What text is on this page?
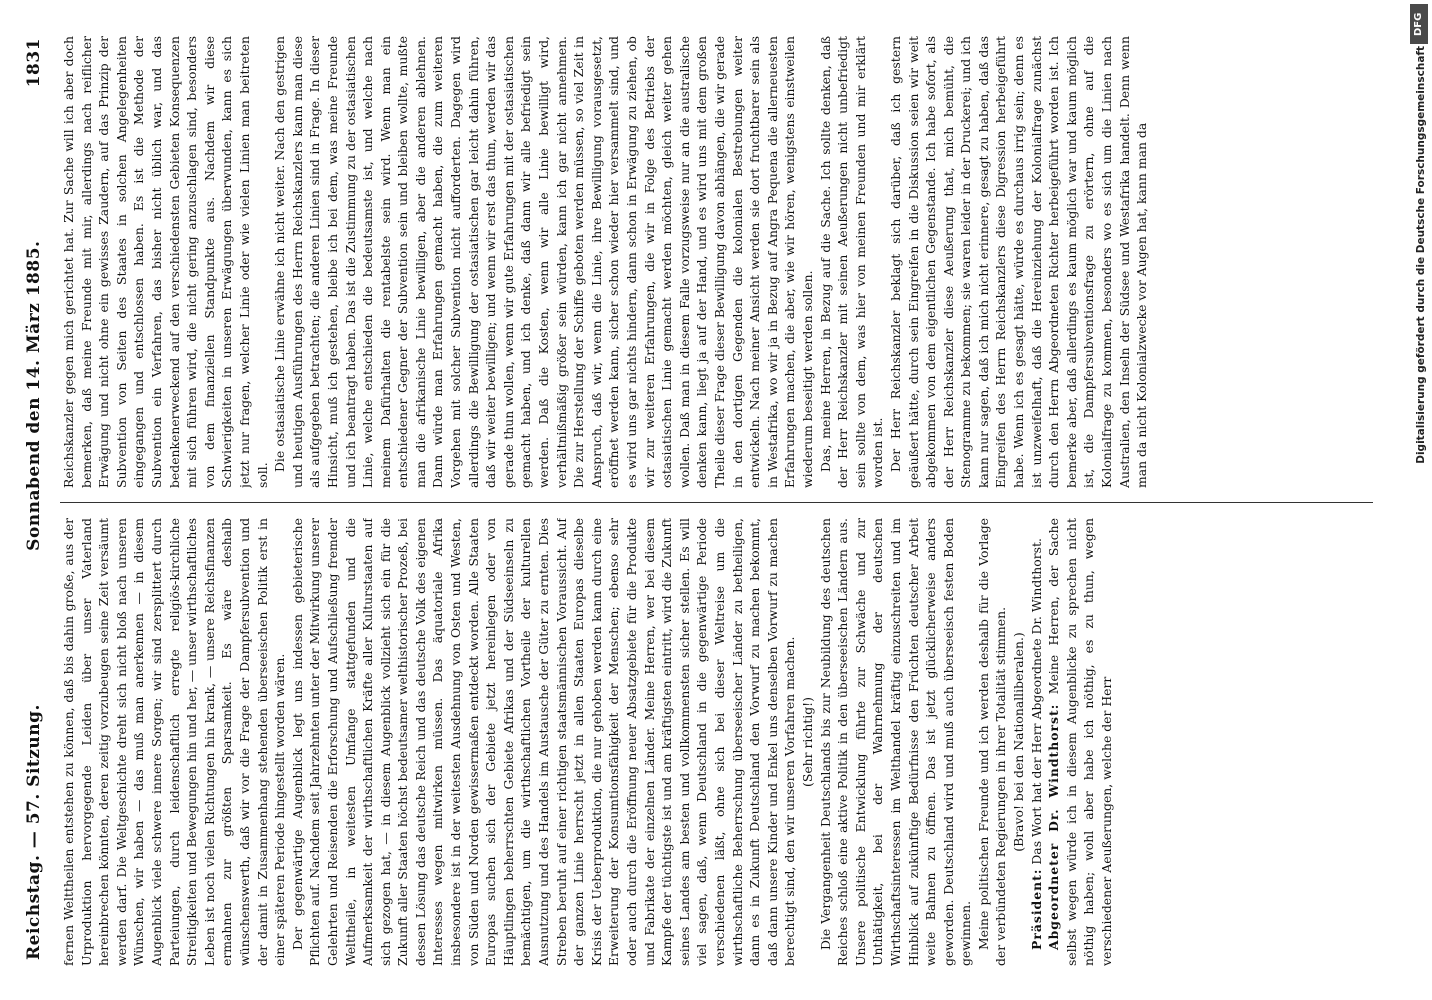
Reichstag. — 57. Sitzung.
Sonnabend den 14. März 1885.
1831

fernen Welttheilen entstehen zu können, daß bis dahin große, aus der Urproduktion hervorgegende Leiden über unser Vaterland hereinbrechen könnten, deren zeitig vorzubeugen seine Zeit versäumt werden darf. Die Weltgeschichte dreht sich nicht bloß nach unseren Wünschen, wir haben — das muß man anerkennen — in diesem Augenblick viele schwere innere Sorgen; wir sind zersplittert durch Parteiungen, durch leidenschaftlich erregte religiös-kirchliche Streitigkeiten und Bewegungen hin und her, — unser wirthschaftliches Leben ist noch vielen Richtungen hin krank, — unsere Reichsfinanzen ermahnen zur größten Sparsamkeit. Es wäre deshalb wünschenswerth, daß wir vor die Frage der Dampfersubvention und der damit in Zusammenhang stehenden überseeischen Politik erst in einer späteren Periode hingestellt worden wären. Der gegenwärtige Augenblick legt uns indessen gebieterische Pflichten auf. Nachdem seit Jahrzehnten unter der Mitwirkung unserer Gelehrten und Reisenden die Erforschung und Aufschließung fremder Welttheile, in weitesten Umfange stattgefunden und die Aufmerksamkeit der wirthschaftlichen Kräfte aller Kulturstaaten auf sich gezogen hat, — in diesem Augenblick vollzieht sich ein für die Zukunft aller Staaten höchst bedeutsamer welthistorischer Prozeß, bei dessen Lösung das deutsche Reich und das deutsche Volk des eigenen Interesses wegen mitwirken müssen. Das äquatoriale Afrika insbesondere ist in der weitesten Ausdehnung von Osten und Westen, von Süden und Norden gewissermaßen entdeckt worden. Alle Staaten Europas suchen sich der Gebiete jetzt hereinlegen oder von Häuptlingen beherrschten Gebiete Afrikas und der Südseeinseln zu bemächtigen, um die wirthschaftlichen Vortheile der kulturellen Ausnutzung und des Handels im Austausche der Güter zu ernten. Dies Streben beruht auf einer richtigen staatsmännischen Voraussicht. Auf der ganzen Linie herrscht jetzt in allen Staaten Europas dieselbe Krisis der Ueberproduktion, die nur gehoben werden kann durch eine Erweiterung der Konsumtionsfähigkeit der Menschen; ebenso sehr oder auch durch die Eröffnung neuer Absatzgebiete für die Produkte und Fabrikate der einzelnen Länder. Meine Herren, wer bei diesem Kampfe der tüchtigste ist und am kräftigsten eintritt, wird die Zukunft seines Landes am besten und vollkommensten sicher stellen. Es will viel sagen, daß, wenn Deutschland in die gegenwärtige Periode verschiedenen läßt, ohne sich bei dieser Weltreise um die wirthschaftliche Beherrschung überseeischer Länder zu betheiligen, dann es in Zukunft Deutschland den Vorwurf zu machen bekommt, daß dann unsere Kinder und Enkel uns denselben Vorwurf zu machen berechtigt sind, den wir unseren Vorfahren machen. (Sehr richtig!) Die Vergangenheit Deutschlands bis zur Neubildung des deutschen Reiches schloß eine aktive Politik in den überseeischen Ländern aus. Unsere politische Entwicklung führte zur Schwäche und zur Unthätigkeit, bei der Wahrnehmung der deutschen Wirthschaftsinteressen im Welthandel kräftig einzuschreiten und im Hinblick auf zukünftige Bedürfnisse den Früchten deutscher Arbeit weite Bahnen zu öffnen. Das ist jetzt glücklicherweise anders geworden. Deutschland wird und muß auch überseeisch festen Boden gewinnen. Meine politischen Freunde und ich werden deshalb für die Vorlage der verbündeten Regierungen in ihrer Totalität stimmen. (Bravo! bei den Nationalliberalen.)

Präsident: Das Wort hat der Herr Abgeordnete Dr. Windthorst. Abgeordneter Dr. Windthorst: Meine Herren, der Sache selbst wegen würde ich in diesem Augenblicke zu sprechen nicht nöthig haben; wohl aber habe ich nöthig, es zu thun, wegen verschiedener Aeußerungen, welche der Herr

Reichskanzler gegen mich gerichtet hat. Zur Sache will ich aber doch bemerken, daß meine Freunde mit mir, allerdings nach reiflicher Erwägung und nicht ohne ein gewisses Zaudern, auf das Prinzip der Subvention von Seiten des Staates in solchen Angelegenheiten eingegangen und entschlossen haben. Es ist die Methode der Subvention ein Verfahren, das bisher nicht üblich war, und das bedenkenerweckend auf den verschiedensten Gebieten Konsequenzen mit sich führen wird, die nicht gering anzuschlagen sind, besonders von dem finanziellen Standpunkte aus. Nachdem wir diese Schwierigkeiten in unseren Erwägungen überwunden, kann es sich jetzt nur fragen, welcher Linie oder wie vielen Linien man beitreten soll.

Die ostasiatische Linie erwähne ich nicht weiter. Nach den gestrigen und heutigen Ausführungen des Herrn Reichskanzlers kann man diese als aufgegeben betrachten; die anderen Linien sind in Frage. In dieser Hinsicht, muß ich gestehen, bleibe ich bei dem, was meine Freunde und ich beantragt haben. Das ist die Zustimmung zu der ostasiatischen Linie, welche entschieden die bedeutsamste ist, und welche nach meinem Dafürhalten die rentabelste sein wird. Wenn man ein entschiedener Gegner der Subvention sein und bleiben wollte, mußte man die afrikanische Linie bewilligen, aber die anderen ablehnen. Dann würde man Erfahrungen gemacht haben, die zum weiteren Vorgehen mit solcher Subvention nicht aufforderten. Dagegen wird allerdings die Bewilligung der ostasiatischen gar leicht dahin führen, daß wir weiter bewilligen; und wenn wir erst das thun, werden wir das gerade thun wollen, wenn wir gute Erfahrungen mit der ostasiatischen gemacht haben, und ich denke, daß dann wir alle befriedigt sein werden. Daß die Kosten, wenn wir alle Linie bewilligt wird, verhältnißmäßig größer sein würden, kann ich gar nicht annehmen. Die zur Herstellung der Schiffe geboten werden müssen, so viel Zeit in Anspruch, daß wir, wenn die Linie, ihre Bewilligung vorausgesetzt, eröffnet werden kann, sicher schon wieder hier versammelt sind, und es wird uns gar nichts hindern, dann schon in Erwägung zu ziehen, ob wir zur weiteren Erfahrungen, die wir in Folge des Betriebs der ostasiatischen Linie gemacht werden möchten, gleich weiter gehen wollen. Daß man in diesem Falle vorzugsweise nur an die australische denken kann, liegt ja auf der Hand, und es wird uns mit dem großen Theile dieser Frage dieser Bewilligung davon abhängen, die wir gerade in den dortigen Gegenden die kolonialen Bestrebungen weiter entwickeln. Nach meiner Ansicht werden sie dort fruchtbarer sein als in Westafrika, wo wir ja in Bezug auf Angra Pequena die allerneuesten Erfahrungen machen, die aber, wie wir hören, wenigstens einstweilen wiederum beseitigt werden sollen. Das, meine Herren, in Bezug auf die Sache. Ich sollte denken, daß der Herr Reichskanzler mit seinen Aeußerungen nicht unbefriedigt sein sollte von dem, was hier von meinen Freunden und mir erklärt worden ist. Der Herr Reichskanzler beklagt sich darüber, daß ich gestern geäußert hätte, durch sein Eingreifen in die Diskussion seien wir weit abgekommen von dem eigentlichen Gegenstande. Ich habe sofort, als der Herr Reichskanzler diese Aeußerung that, mich bemüht, die Stenogramme zu bekommen; sie waren leider in der Druckerei; und ich kann nur sagen, daß ich mich nicht erinnere, gesagt zu haben, daß das Eingreifen des Herrn Reichskanzlers diese Digression herbeigeführt habe. Wenn ich es gesagt hätte, würde es durchaus irrig sein; denn es ist unzweifelhaft, daß die Hereinziehung der Kolonialfrage zunächst durch den Herrn Abgeordneten Richter herbeigeführt worden ist. Ich bemerke aber, daß allerdings es kaum möglich war und kaum möglich ist, die Dampfersubventionsfrage zu erörtern, ohne auf die Kolonialfrage zu kommen, besonders wo es sich um die Linien nach Australien, den Inseln der Südsee und Westafrika handelt. Denn wenn man da nicht Kolonialzwecke vor Augen hat, kann man da

DFG
Digitalisierung gefördert durch die Deutsche Forschungsgemeinschaft
